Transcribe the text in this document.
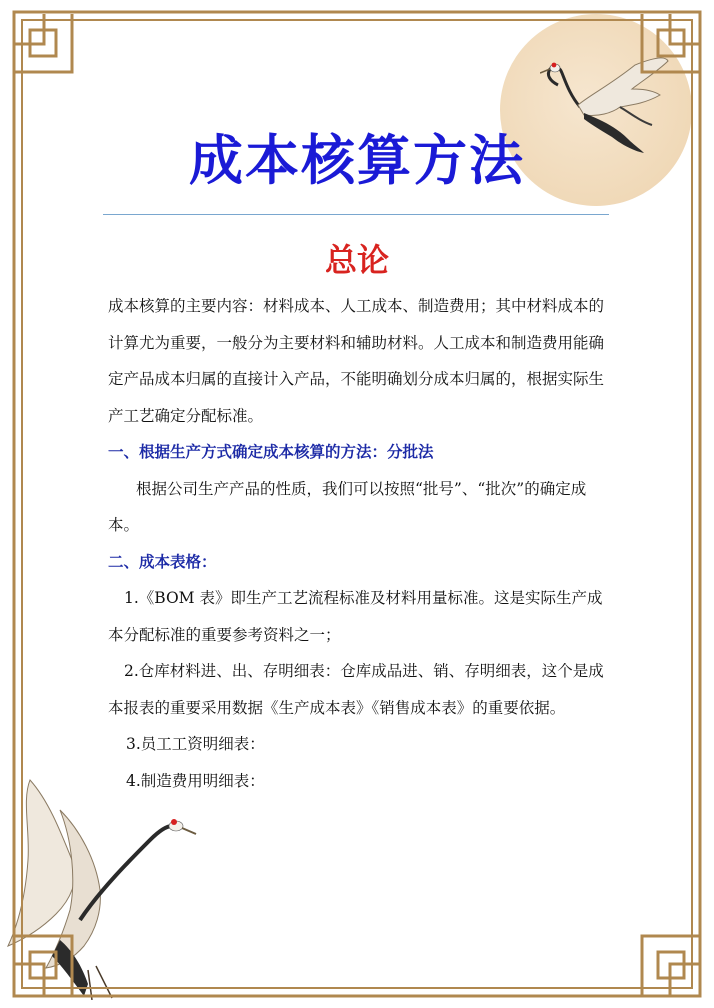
成本核算方法
总论

成本核算的主要内容：材料成本、人工成本、制造费用；其中材料成本的计算尤为重要，一般分为主要材料和辅助材料。人工成本和制造费用能确定产品成本归属的直接计入产品，不能明确划分成本归属的，根据实际生产工艺确定分配标准。

一、根据生产方式确定成本核算的方法：分批法

根据公司生产产品的性质，我们可以按照“批号”、“批次”的确定成本。

二、成本表格：

1.《BOM 表》即生产工艺流程标准及材料用量标准。这是实际生产成本分配标准的重要参考资料之一；

2.仓库材料进、出、存明细表：仓库成品进、销、存明细表，这个是成本报表的重要采用数据《生产成本表》《销售成本表》的重要依据。

3.员工工资明细表：

4.制造费用明细表：
